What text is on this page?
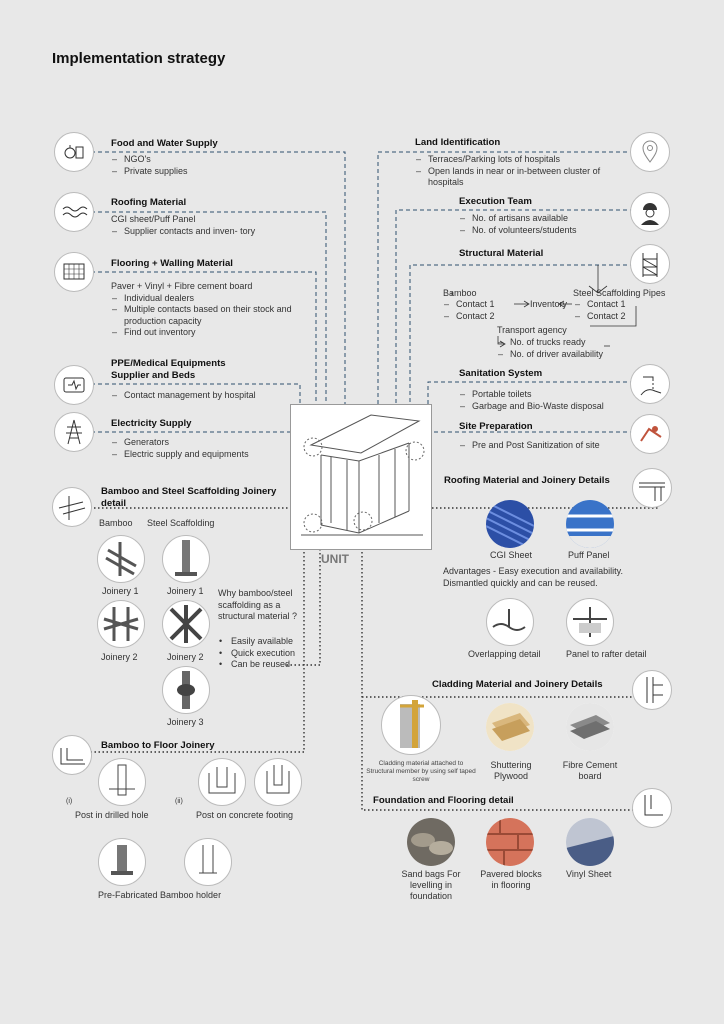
Implementation strategy
Food and Water Supply
– NGO's
– Private supplies
Roofing Material
CGI sheet/Puff Panel
– Supplier contacts and inven- tory
Flooring + Walling Material
Paver + Vinyl + Fibre cement board
– Individual dealers
– Multiple contacts based on their stock and production capacity
– Find out inventory
PPE/Medical Equipments
Supplier and Beds
– Contact management by hospital
Electricity Supply
– Generators
– Electric supply and equipments
Bamboo and Steel Scaffolding Joinery
detail
Bamboo Steel Scaffolding
Joinery 1	Joinery 1
Joinery 2	Joinery 2
Joinery 3
Why bamboo/steel scaffolding as a structural material ?
• Easily available
• Quick execution
• Can be reused
Bamboo to Floor Joinery
(i)	(ii)
Post in drilled hole	Post on concrete footing
Pre-Fabricated Bamboo holder
UNIT
Land Identification
– Terraces/Parking lots of hospitals
– Open lands in near or in-between cluster of hospitals
Execution Team
– No. of artisans available
– No. of volunteers/students
Structural Material
Bamboo	Steel Scaffolding Pipes
– Contact 1
– Contact 2
Inventory
–	Contact 1
– Contact 2
Transport agency
– No. of trucks ready
– No. of driver availability
Sanitation System
– Portable toilets
– Garbage and Bio-Waste disposal
Site Preparation
– Pre and Post Sanitization of site
Roofing Material and Joinery Details
CGI Sheet	Puff Panel
Advantages - Easy execution and availability.
Dismantled quickly and can be reused.
Overlapping detail	Panel to rafter detail
Cladding Material and Joinery Details
Cladding material attached to Structural member by using self taped screw
Shuttering Plywood
Fibre Cement board
Foundation and Flooring detail
Sand bags For levelling in foundation
Pavered blocks in flooring
Vinyl Sheet
